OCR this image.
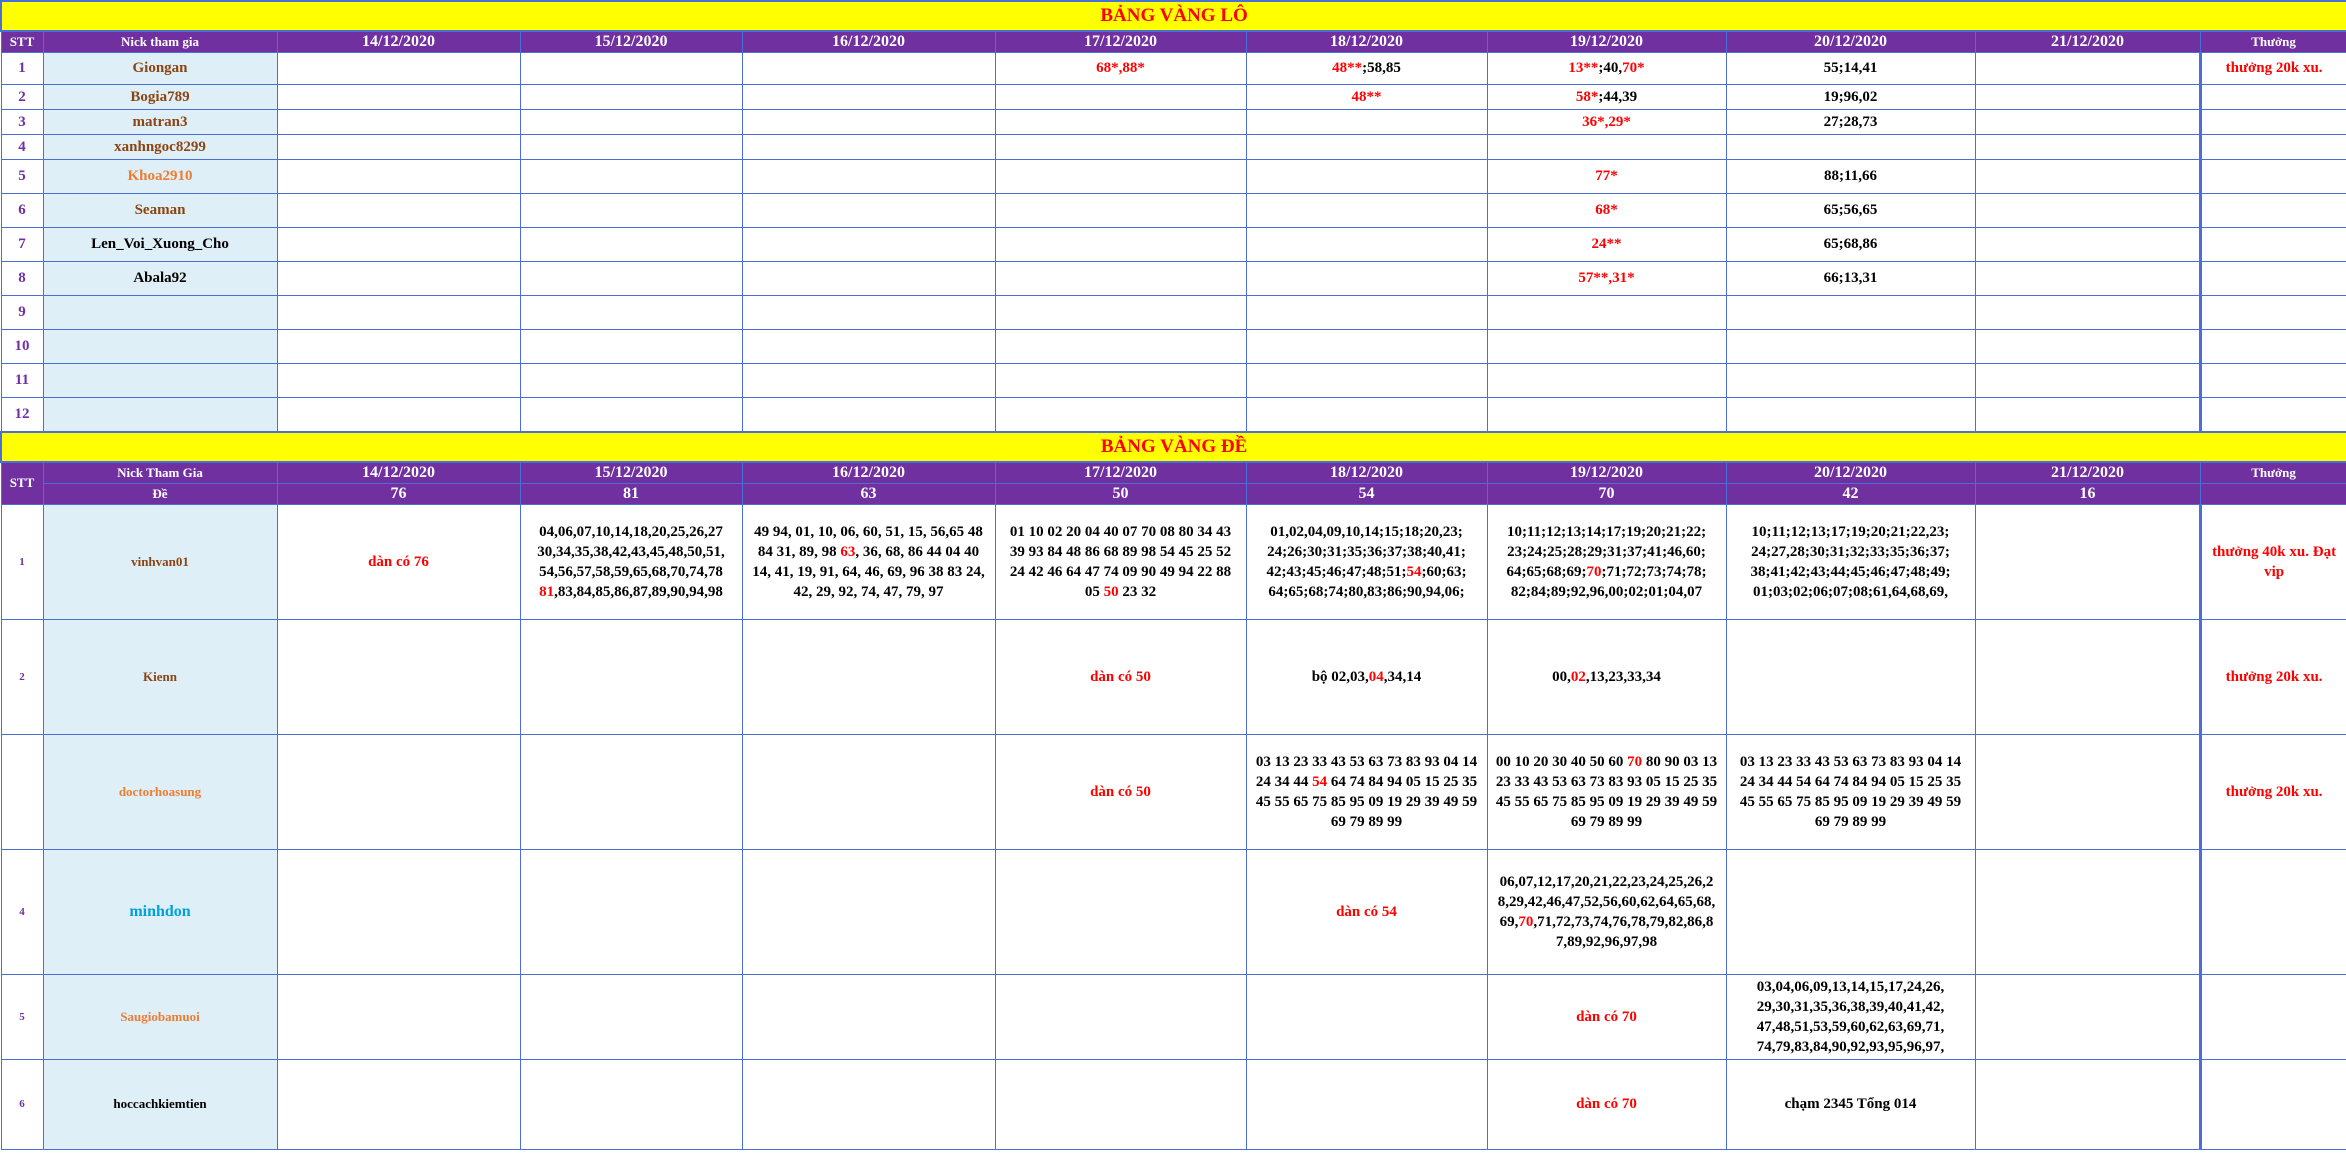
BẢNG VÀNG LÔ										
STT	Nick tham gia	14/12/2020	15/12/2020	16/12/2020	17/12/2020	18/12/2020	19/12/2020	20/12/2020	21/12/2020	Thưởng
1	Giongan				68*,88*	48**;58,85	13**;40,70*	55;14,41		thưởng 20k xu.
2	Bogia789					48**	58*;44,39	19;96,02		
3	matran3						36*,29*	27;28,73		
4	xanhngoc8299									
5	Khoa2910						77*	88;11,66		
6	Seaman						68*	65;56,65		
7	Len_Voi_Xuong_Cho						24**	65;68,86		
8	Abala92						57**,31*	66;13,31		
9										
10										
11										
12										
BẢNG VÀNG ĐỀ										
STT	Nick Tham Gia	14/12/2020	15/12/2020	16/12/2020	17/12/2020	18/12/2020	19/12/2020	20/12/2020	21/12/2020	Thưởng
	Đề	76	81	63	50	54	70	42	16	
1	vinhvan01	dàn có 76	04,06,07,10,14,18,20,25,26,27 30,34,35,38,42,43,45,48,50,51, 54,56,57,58,59,65,68,70,74,78 81,83,84,85,86,87,89,90,94,98	49 94, 01, 10, 06, 60, 51, 15, 56,65 48 84 31, 89, 98 63, 36, 68, 86 44 04 40 14, 41, 19, 91, 64, 46, 69, 96 38 83 24, 42, 29, 92, 74, 47, 79, 97	01 10 02 20 04 40 07 70 08 80 34 43 39 93 84 48 86 68 89 98 54 45 25 52 24 42 46 64 47 74 09 90 49 94 22 88 05 50 23 32	01,02,04,09,10,14;15;18;20,23; 24;26;30;31;35;36;37;38;40,41; 42;43;45;46;47;48;51;54;60;63; 64;65;68;74;80,83;86;90,94,06;	10;11;12;13;14;17;19;20;21;22; 23;24;25;28;29;31;37;41;46,60; 64;65;68;69;70;71;72;73;74;78; 82;84;89;92,96,00;02;01;04,07	10;11;12;13;17;19;20;21;22,23; 24;27,28;30;31;32;33;35;36;37; 38;41;42;43;44;45;46;47;48;49; 01;03;02;06;07;08;61,64,68,69,		thưởng 40k xu. Đạt vip
2	Kienn				dàn có 50	bộ 02,03,04,34,14	00,02,13,23,33,34			thưởng 20k xu.
	doctorhoasung				dàn có 50	03 13 23 33 43 53 63 73 83 93 04 14 24 34 44 54 64 74 84 94 05 15 25 35 45 55 65 75 85 95 09 19 29 39 49 59 69 79 89 99	00 10 20 30 40 50 60 70 80 90 03 13 23 33 43 53 63 73 83 93 05 15 25 35 45 55 65 75 85 95 09 19 29 39 49 59 69 79 89 99	03 13 23 33 43 53 63 73 83 93 04 14 24 34 44 54 64 74 84 94 05 15 25 35 45 55 65 75 85 95 09 19 29 39 49 59 69 79 89 99		thưởng 20k xu.
4	minhdon					dàn có 54	06,07,12,17,20,21,22,23,24,25,26,2 8,29,42,46,47,52,56,60,62,64,65,68, 69,70,71,72,73,74,76,78,79,82,86,8 7,89,92,96,97,98			
5	Saugiobamuoi						dàn có 70	03,04,06,09,13,14,15,17,24,26, 29,30,31,35,36,38,39,40,41,42, 47,48,51,53,59,60,62,63,69,71, 74,79,83,84,90,92,93,95,96,97,		
6	hoccachkiemtien						dàn có 70	chạm 2345 Tổng 014		
